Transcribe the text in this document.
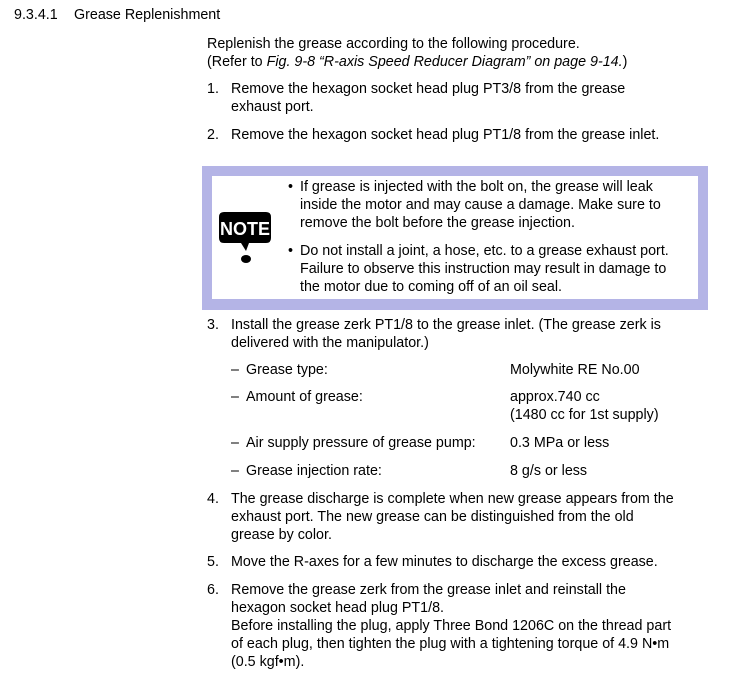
9.3.4.1 Grease Replenishment
Replenish the grease according to the following procedure.
(Refer to Fig. 9-8 “R-axis Speed Reducer Diagram” on page 9-14.)
1. Remove the hexagon socket head plug PT3/8 from the grease
exhaust port.
2. Remove the hexagon socket head plug PT1/8 from the grease inlet.
NOTE
• If grease is injected with the bolt on, the grease will leak
inside the motor and may cause a damage. Make sure to
remove the bolt before the grease injection.
• Do not install a joint, a hose, etc. to a grease exhaust port.
Failure to observe this instruction may result in damage to
the motor due to coming off of an oil seal.
3. Install the grease zerk PT1/8 to the grease inlet. (The grease zerk is
delivered with the manipulator.)
– Grease type:	Molywhite RE No.00
– Amount of grease:	approx.740 cc
(1480 cc for 1st supply)
– Air supply pressure of grease pump: 0.3 MPa or less
– Grease injection rate:	8 g/s or less
4. The grease discharge is complete when new grease appears from the
exhaust port. The new grease can be distinguished from the old
grease by color.
5. Move the R-axes for a few minutes to discharge the excess grease.
6. Remove the grease zerk from the grease inlet and reinstall the
hexagon socket head plug PT1/8.
Before installing the plug, apply Three Bond 1206C on the thread part
of each plug, then tighten the plug with a tightening torque of 4.9 N•m
(0.5 kgf•m).
